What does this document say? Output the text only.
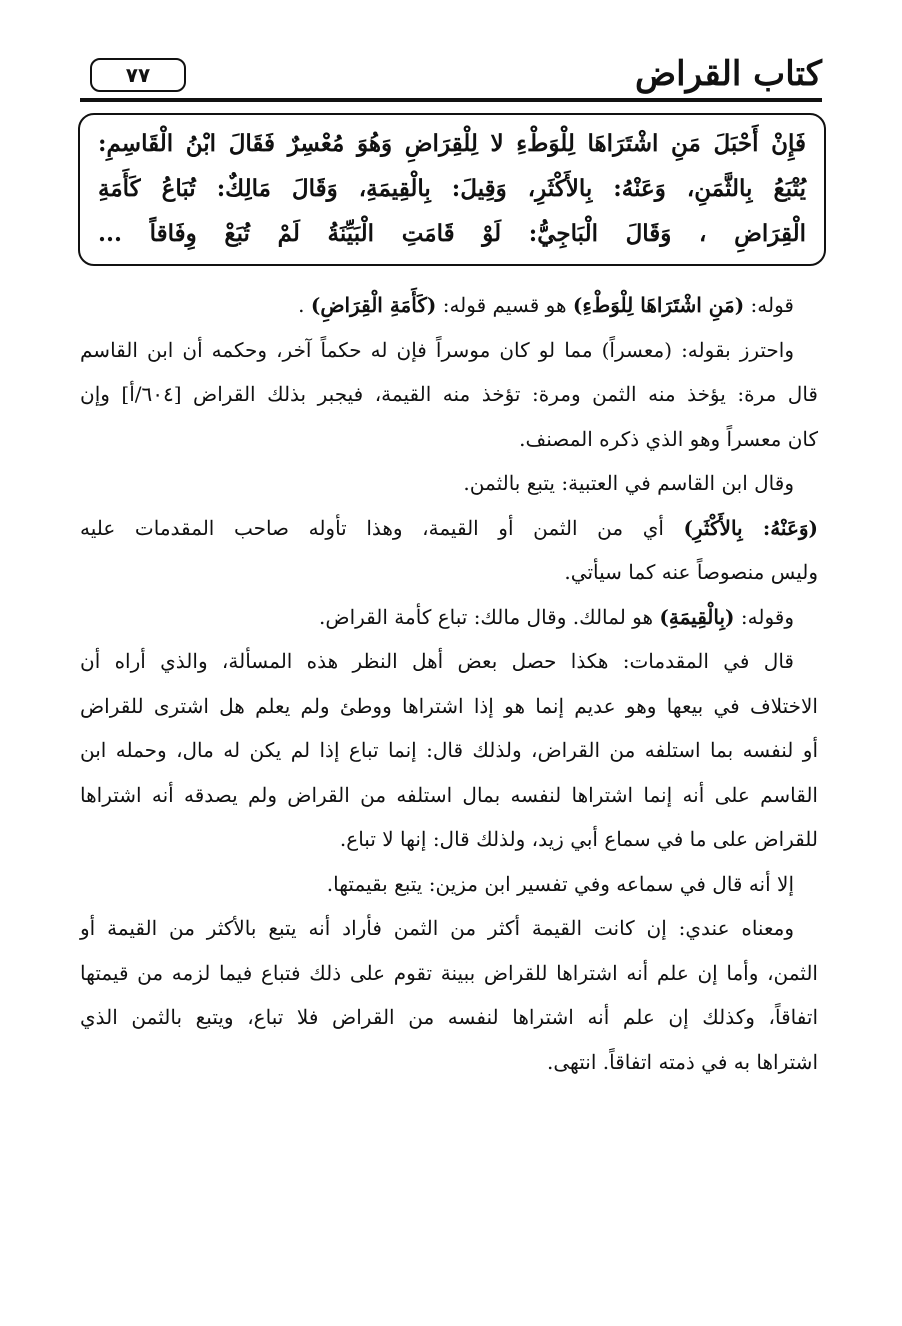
٧٧	كتاب القراض
فَإِنْ أَحْبَلَ مَنِ اشْتَرَاهَا لِلْوَطْءِ لا لِلْقِرَاضِ وَهُوَ مُعْسِرٌ فَقَالَ ابْنُ الْقَاسِمِ:
يُتْبَعُ بِالثَّمَنِ، وَعَنْهُ: بِالأَكْثَرِ، وَقِيلَ: بِالْقِيمَةِ، وَقَالَ مَالِكٌ: تُبَاعُ كَأَمَةِ
الْقِرَاضِ ، وَقَالَ الْبَاجِيُّ: لَوْ قَامَتِ الْبَيِّنَةُ لَمْ تُبَعْ وِفَاقاً ...
قوله: (مَنِ اشْتَرَاهَا لِلْوَطْءِ) هو قسيم قوله: (كَأَمَةِ الْقِرَاضِ) .
واحترز بقوله: (معسراً) مما لو كان موسراً فإن له حكماً آخر، وحكمه أن ابن القاسم
قال مرة: يؤخذ منه الثمن ومرة: تؤخذ منه القيمة، فيجبر بذلك القراض [٦٠٤/أ] وإن
كان معسراً وهو الذي ذكره المصنف.
وقال ابن القاسم في العتبية: يتبع بالثمن.
(وَعَنْهُ: بِالأَكْثَرِ) أي من الثمن أو القيمة، وهذا تأوله صاحب المقدمات عليه
وليس منصوصاً عنه كما سيأتي.
وقوله: (بِالْقِيمَةِ) هو لمالك. وقال مالك: تباع كأمة القراض.
قال في المقدمات: هكذا حصل بعض أهل النظر هذه المسألة، والذي أراه أن
الاختلاف في بيعها وهو عديم إنما هو إذا اشتراها ووطئ ولم يعلم هل اشترى للقراض
أو لنفسه بما استلفه من القراض، ولذلك قال: إنما تباع إذا لم يكن له مال، وحمله ابن
القاسم على أنه إنما اشتراها لنفسه بمال استلفه من القراض ولم يصدقه أنه اشتراها
للقراض على ما في سماع أبي زيد، ولذلك قال: إنها لا تباع.
إلا أنه قال في سماعه وفي تفسير ابن مزين: يتبع بقيمتها.
ومعناه عندي: إن كانت القيمة أكثر من الثمن فأراد أنه يتبع بالأكثر من القيمة أو
الثمن، وأما إن علم أنه اشتراها للقراض ببينة تقوم على ذلك فتباع فيما لزمه من قيمتها
اتفاقاً، وكذلك إن علم أنه اشتراها لنفسه من القراض فلا تباع، ويتبع بالثمن الذي
اشتراها به في ذمته اتفاقاً. انتهى.
